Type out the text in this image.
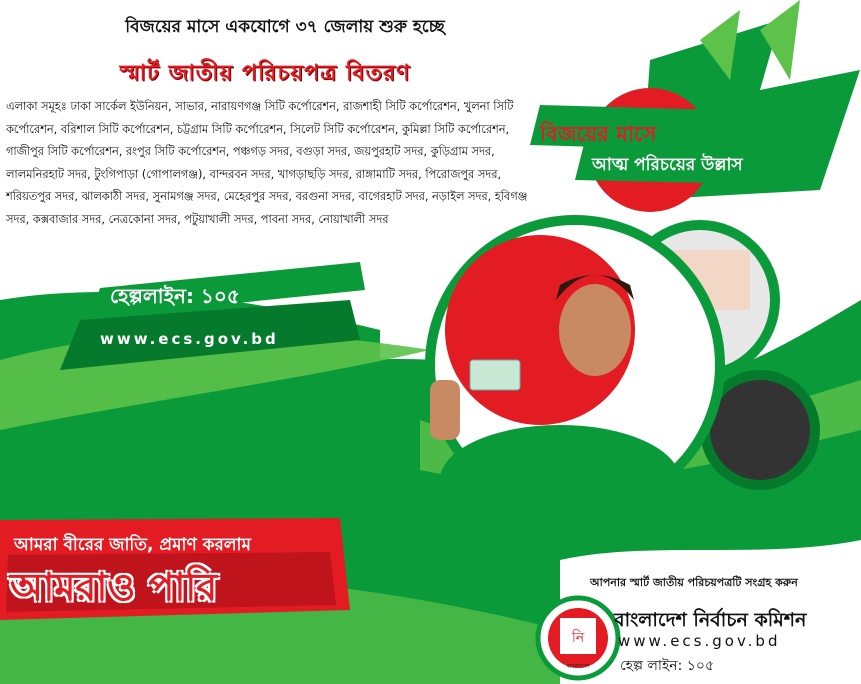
নি
বাংলাদেশ
বিজয়ের মাসে একযোগে ৩৭ জেলায় শুরু হচ্ছে
স্মার্ট জাতীয় পরিচয়পত্র বিতরণ
এলাকা সমূহঃ ঢাকা সার্কেল ইউনিয়ন, সাভার, নারায়ণগঞ্জ সিটি কর্পোরেশন, রাজশাহী সিটি কর্পোরেশন, খুলনা সিটি কর্পোরেশন, বরিশাল সিটি কর্পোরেশন, চট্টগ্রাম সিটি কর্পোরেশন, সিলেট সিটি কর্পোরেশন, কুমিল্লা সিটি কর্পোরেশন, গাজীপুর সিটি কর্পোরেশন, রংপুর সিটি কর্পোরেশন, পঞ্চগড় সদর, বগুড়া সদর, জয়পুরহাট সদর, কুড়িগ্রাম সদর, লালমনিরহাট সদর, টুংগিপাড়া (গোপালগঞ্জ), বান্দরবন সদর, খাগড়াছড়ি সদর, রাঙ্গামাটি সদর, পিরোজপুর সদর, শরিয়তপুর সদর, ঝালকাঠী সদর, সুনামগঞ্জ সদর, মেহেরপুর সদর, বরগুনা সদর, বাগেরহাট সদর, নড়াইল সদর, হবিগঞ্জ সদর, কক্সবাজার সদর, নেত্রকোনা সদর, পটুয়াখালী সদর, পাবনা সদর, নোয়াখালী সদর
বিজয়ের মাসে
আত্ম পরিচয়ের উল্লাস
হেল্পলাইন: ১০৫
www.ecs.gov.bd
আমরা বীরের জাতি, প্রমাণ করলাম
আমরাও পারি	আপনার স্মার্ট জাতীয় পরিচয়পত্রটি সংগ্রহ করুন
বাংলাদেশ নির্বাচন কমিশন
www.ecs.gov.bd
হেল্প লাইন: ১০৫
